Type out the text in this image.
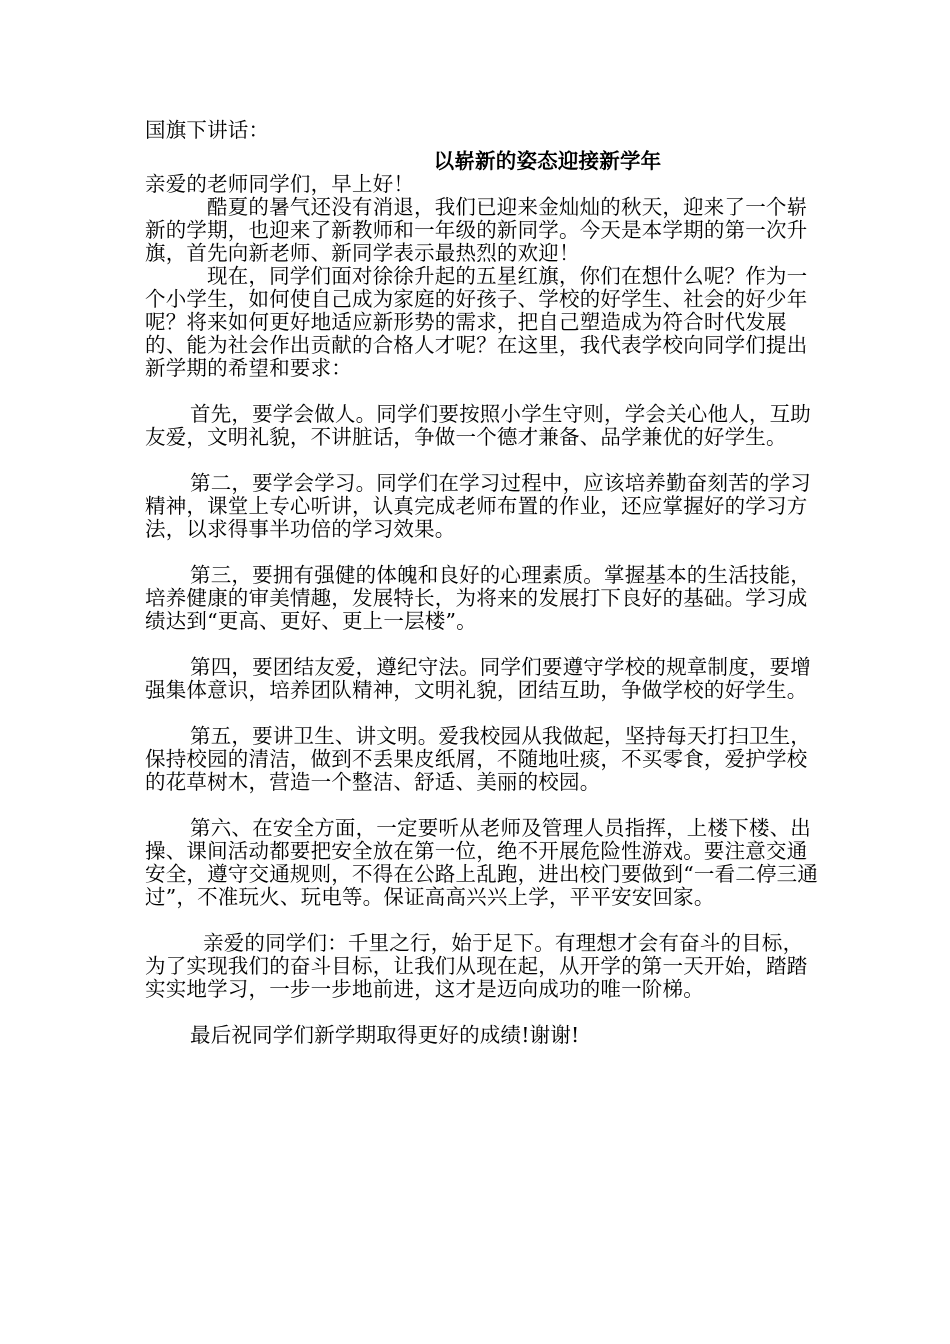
国旗下讲话：
以崭新的姿态迎接新学年
亲爱的老师同学们，早上好！

酷夏的暑气还没有消退，我们已迎来金灿灿的秋天，迎来了一个崭新的学期，也迎来了新教师和一年级的新同学。今天是本学期的第一次升旗，首先向新老师、新同学表示最热烈的欢迎！

现在，同学们面对徐徐升起的五星红旗，你们在想什么呢？作为一个小学生，如何使自己成为家庭的好孩子、学校的好学生、社会的好少年呢？将来如何更好地适应新形势的需求，把自己塑造成为符合时代发展的、能为社会作出贡献的合格人才呢？在这里，我代表学校向同学们提出新学期的希望和要求：

首先，要学会做人。同学们要按照小学生守则，学会关心他人，互助友爱，文明礼貌，不讲脏话，争做一个德才兼备、品学兼优的好学生。

第二，要学会学习。同学们在学习过程中，应该培养勤奋刻苦的学习精神，课堂上专心听讲，认真完成老师布置的作业，还应掌握好的学习方法，以求得事半功倍的学习效果。

第三，要拥有强健的体魄和良好的心理素质。掌握基本的生活技能，培养健康的审美情趣，发展特长，为将来的发展打下良好的基础。学习成绩达到“更高、更好、更上一层楼”。

第四，要团结友爱，遵纪守法。同学们要遵守学校的规章制度，要增强集体意识，培养团队精神，文明礼貌，团结互助，争做学校的好学生。

第五，要讲卫生、讲文明。爱我校园从我做起，坚持每天打扫卫生，保持校园的清洁，做到不丢果皮纸屑，不随地吐痰，不买零食，爱护学校的花草树木，营造一个整洁、舒适、美丽的校园。

第六、在安全方面，一定要听从老师及管理人员指挥，上楼下楼、出操、课间活动都要把安全放在第一位，绝不开展危险性游戏。要注意交通安全，遵守交通规则，不得在公路上乱跑，进出校门要做到“一看二停三通过”，不准玩火、玩电等。保证高高兴兴上学，平平安安回家。

亲爱的同学们：千里之行，始于足下。有理想才会有奋斗的目标，为了实现我们的奋斗目标，让我们从现在起，从开学的第一天开始，踏踏实实地学习，一步一步地前进，这才是迈向成功的唯一阶梯。

最后祝同学们新学期取得更好的成绩!谢谢!
